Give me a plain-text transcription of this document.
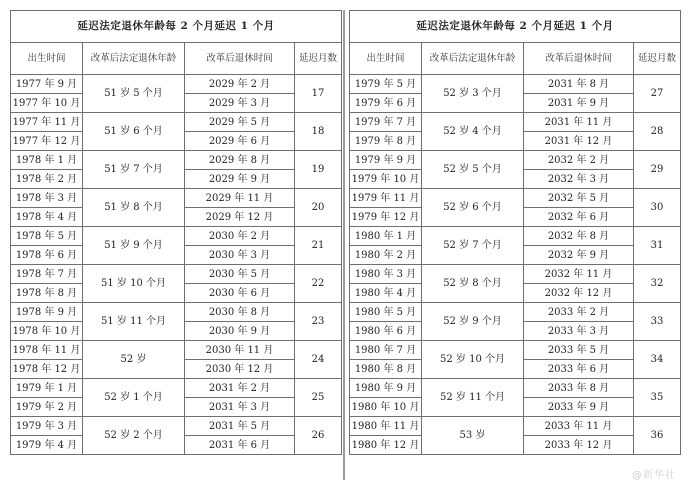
延迟法定退休年龄每 2 个月延迟 1 个月			
出生时间	改革后法定退休年龄	改革后退休时间	延迟月数
1977 年 9 月	51 岁 5 个月	2029 年 2 月	17
1977 年 10 月		2029 年 3 月	
1977 年 11 月	51 岁 6 个月	2029 年 5 月	18
1977 年 12 月		2029 年 6 月	
1978 年 1 月	51 岁 7 个月	2029 年 8 月	19
1978 年 2 月		2029 年 9 月	
1978 年 3 月	51 岁 8 个月	2029 年 11 月	20
1978 年 4 月		2029 年 12 月	
1978 年 5 月	51 岁 9 个月	2030 年 2 月	21
1978 年 6 月		2030 年 3 月	
1978 年 7 月	51 岁 10 个月	2030 年 5 月	22
1978 年 8 月		2030 年 6 月	
1978 年 9 月	51 岁 11 个月	2030 年 8 月	23
1978 年 10 月		2030 年 9 月	
1978 年 11 月	52 岁	2030 年 11 月	24
1978 年 12 月		2030 年 12 月	
1979 年 1 月	52 岁 1 个月	2031 年 2 月	25
1979 年 2 月		2031 年 3 月	
1979 年 3 月	52 岁 2 个月	2031 年 5 月	26
1979 年 4 月		2031 年 6 月	
延迟法定退休年龄每 2 个月延迟 1 个月			
出生时间	改革后法定退休年龄	改革后退休时间	延迟月数
1979 年 5 月	52 岁 3 个月	2031 年 8 月	27
1979 年 6 月		2031 年 9 月	
1979 年 7 月	52 岁 4 个月	2031 年 11 月	28
1979 年 8 月		2031 年 12 月	
1979 年 9 月	52 岁 5 个月	2032 年 2 月	29
1979 年 10 月		2032 年 3 月	
1979 年 11 月	52 岁 6 个月	2032 年 5 月	30
1979 年 12 月		2032 年 6 月	
1980 年 1 月	52 岁 7 个月	2032 年 8 月	31
1980 年 2 月		2032 年 9 月	
1980 年 3 月	52 岁 8 个月	2032 年 11 月	32
1980 年 4 月		2032 年 12 月	
1980 年 5 月	52 岁 9 个月	2033 年 2 月	33
1980 年 6 月		2033 年 3 月	
1980 年 7 月	52 岁 10 个月	2033 年 5 月	34
1980 年 8 月		2033 年 6 月	
1980 年 9 月	52 岁 11 个月	2033 年 8 月	35
1980 年 10 月		2033 年 9 月	
1980 年 11 月	53 岁	2033 年 11 月	36
1980 年 12 月		2033 年 12 月	
@新华社
